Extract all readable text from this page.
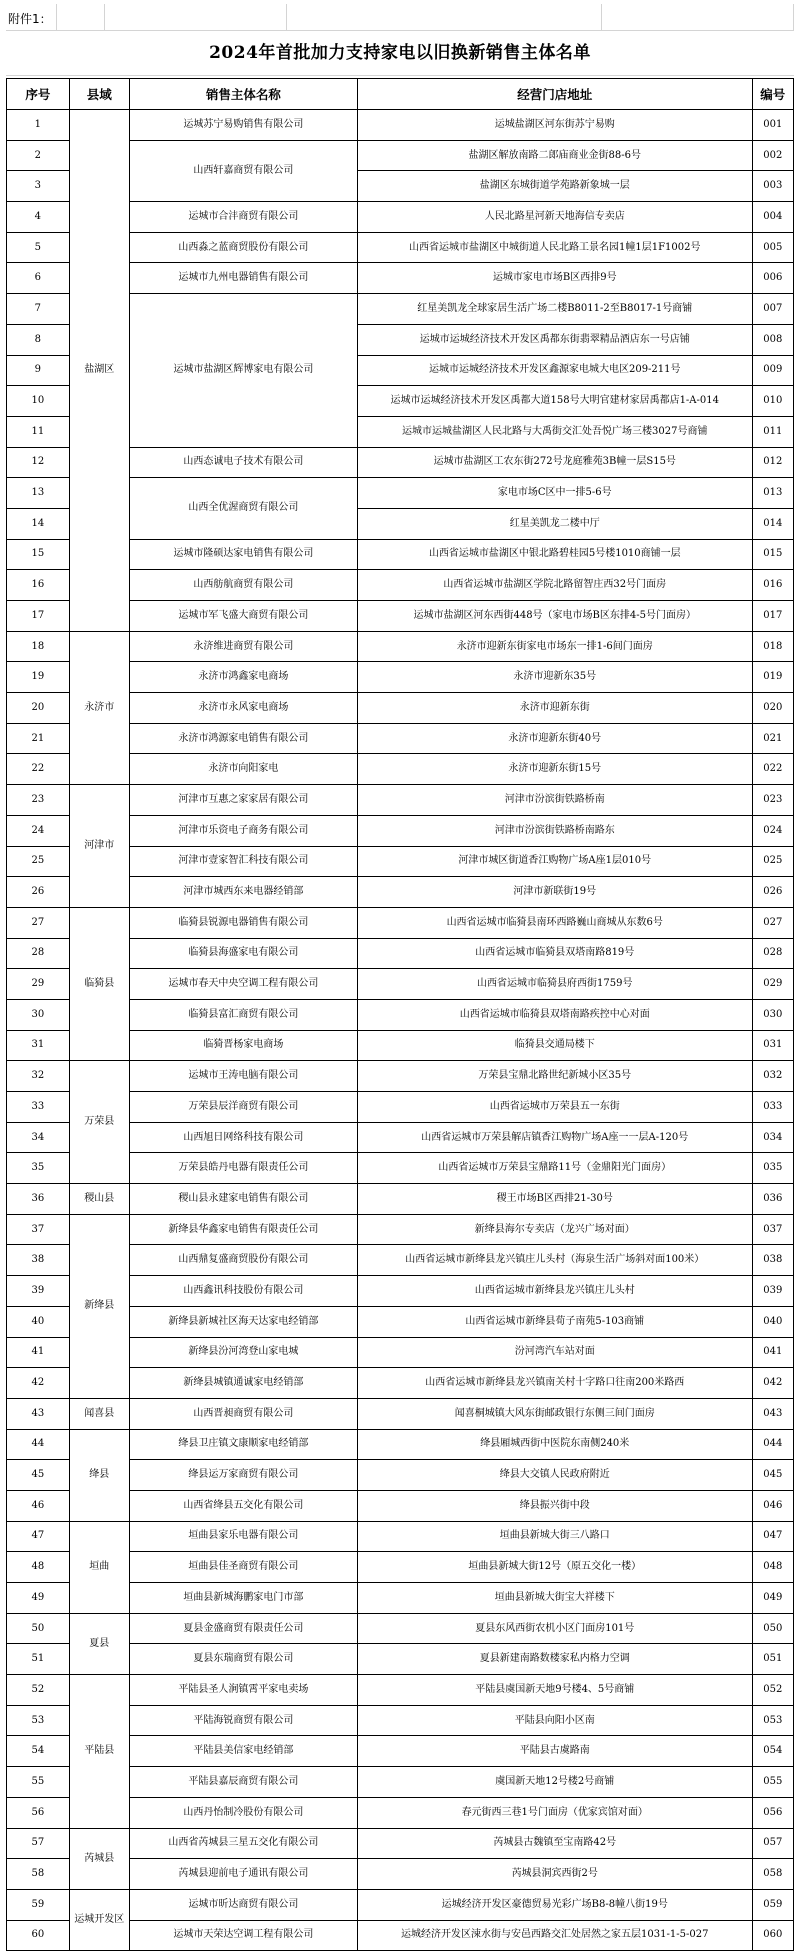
附件1：
2024年首批加力支持家电以旧换新销售主体名单
序号	县域	销售主体名称	经营门店地址	编号
1	盐湖区	运城苏宁易购销售有限公司	运城盐湖区河东街苏宁易购	001
2		山西轩嘉商贸有限公司	盐湖区解放南路二郎庙商业金街88-6号	002
3			盐湖区东城街道学苑路新象城一层	003
4		运城市合沣商贸有限公司	人民北路星河新天地海信专卖店	004
5		山西淼之蓝商贸股份有限公司	山西省运城市盐湖区中城街道人民北路工景名园1幢1层1F1002号	005
6		运城市九州电器销售有限公司	运城市家电市场B区西排9号	006
7		运城市盐湖区辉博家电有限公司	红星美凯龙全球家居生活广场二楼B8011-2至B8017-1号商铺	007
8			运城市运城经济技术开发区禹都东街翡翠精品酒店东一号店铺	008
9			运城市运城经济技术开发区鑫源家电城大电区209-211号	009
10			运城市运城经济技术开发区禹都大道158号大明官建材家居禹都店1-A-014	010
11			运城市运城盐湖区人民北路与大禹街交汇处吾悦广场三楼3027号商铺	011
12		山西态诚电子技术有限公司	运城市盐湖区工农东街272号龙庭雅苑3B幢一层S15号	012
13		山西全优渥商贸有限公司	家电市场C区中一排5-6号	013
14			红星美凯龙二楼中厅	014
15		运城市隆硕达家电销售有限公司	山西省运城市盐湖区中银北路碧桂园5号楼1010商铺一层	015
16		山西舫航商贸有限公司	山西省运城市盐湖区学院北路留智庄西32号门面房	016
17		运城市军飞盛大商贸有限公司	运城市盐湖区河东西街448号（家电市场B区东排4-5号门面房）	017
18	永济市	永济维进商贸有限公司	永济市迎新东街家电市场东一排1-6间门面房	018
19		永济市鸿鑫家电商场	永济市迎新东35号	019
20		永济市永风家电商场	永济市迎新东街	020
21		永济市鸿源家电销售有限公司	永济市迎新东街40号	021
22		永济市向阳家电	永济市迎新东街15号	022
23	河津市	河津市互惠之家家居有限公司	河津市汾滨街铁路桥南	023
24		河津市乐资电子商务有限公司	河津市汾滨街铁路桥南路东	024
25		河津市壹家智汇科技有限公司	河津市城区街道香江购物广场A座1层010号	025
26		河津市城西东来电器经销部	河津市新联街19号	026
27	临猗县	临猗县锐源电器销售有限公司	山西省运城市临猗县南环西路巍山商城从东数6号	027
28		临猗县海盛家电有限公司	山西省运城市临猗县双塔南路819号	028
29		运城市春天中央空调工程有限公司	山西省运城市临猗县府西街1759号	029
30		临猗县富汇商贸有限公司	山西省运城市临猗县双塔南路疾控中心对面	030
31		临猗晋杨家电商场	临猗县交通局楼下	031
32	万荣县	运城市王涛电脑有限公司	万荣县宝鼎北路世纪新城小区35号	032
33		万荣县辰洋商贸有限公司	山西省运城市万荣县五一东街	033
34		山西旭日网络科技有限公司	山西省运城市万荣县解店镇香江购物广场A座一一层A-120号	034
35		万荣县皓丹电器有限责任公司	山西省运城市万荣县宝鼎路11号（金鼎阳光门面房）	035
36	稷山县	稷山县永建家电销售有限公司	稷王市场B区西排21-30号	036
37	新绛县	新绛县华鑫家电销售有限责任公司	新绛县海尔专卖店（龙兴广场对面）	037
38		山西鼎复盛商贸股份有限公司	山西省运城市新绛县龙兴镇庄儿头村（海泉生活广场斜对面100米）	038
39		山西鑫讯科技股份有限公司	山西省运城市新绛县龙兴镇庄儿头村	039
40		新绛县新城社区海天达家电经销部	山西省运城市新绛县荀子南苑5-103商铺	040
41		新绛县汾河湾登山家电城	汾河湾汽车站对面	041
42		新绛县城镇通诚家电经销部	山西省运城市新绛县龙兴镇南关村十字路口往南200米路西	042
43	闻喜县	山西晋昶商贸有限公司	闻喜桐城镇大风东街邮政银行东侧三间门面房	043
44	绛县	绛县卫庄镇文康顺家电经销部	绛县厢城西街中医院东南侧240米	044
45		绛县运万家商贸有限公司	绛县大交镇人民政府附近	045
46		山西省绛县五交化有限公司	绛县振兴街中段	046
47	垣曲	垣曲县家乐电器有限公司	垣曲县新城大街三八路口	047
48		垣曲县佳圣商贸有限公司	垣曲县新城大街12号（原五交化一楼）	048
49		垣曲县新城海鹏家电门市部	垣曲县新城大街宝大祥楼下	049
50	夏县	夏县金盛商贸有限责任公司	夏县东风西街农机小区门面房101号	050
51		夏县东瑞商贸有限公司	夏县新建南路数楼家私内格力空调	051
52	平陆县	平陆县圣人涧镇霄平家电卖场	平陆县虞国新天地9号楼4、5号商铺	052
53		平陆海锐商贸有限公司	平陆县向阳小区南	053
54		平陆县美信家电经销部	平陆县古虞路南	054
55		平陆县嘉辰商贸有限公司	虞国新天地12号楼2号商铺	055
56		山西丹怡制冷股份有限公司	春元街西三巷1号门面房（优家宾馆对面）	056
57	芮城县	山西省芮城县三星五交化有限公司	芮城县古魏镇至宝南路42号	057
58		芮城县迎前电子通讯有限公司	芮城县洞宾西街2号	058
59	运城开发区	运城市昕达商贸有限公司	运城经济开发区豪德贸易光彩广场B8-8幢八街19号	059
60		运城市天荣达空调工程有限公司	运城经济开发区涑水街与安邑西路交汇处居然之家五层1031-1-5-027	060
